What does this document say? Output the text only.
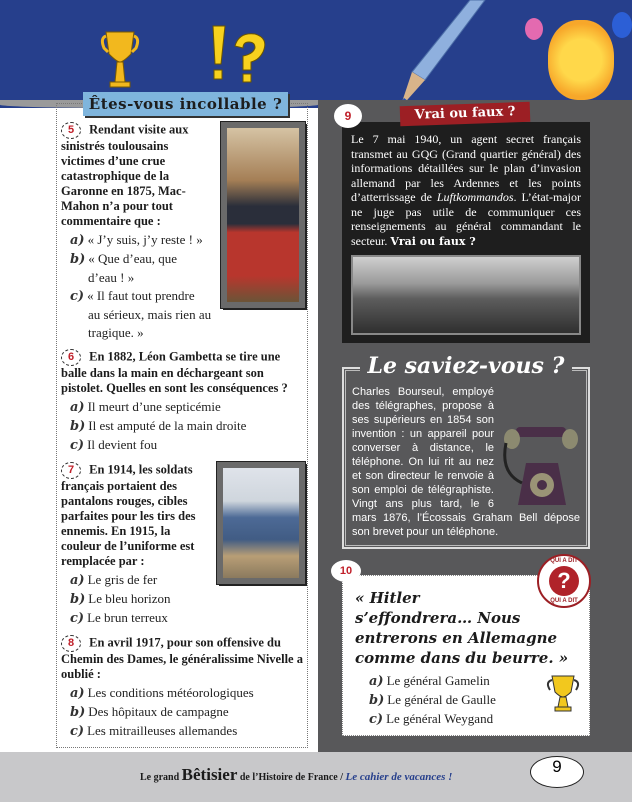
Êtes-vous incollable ?
5 Rendant visite aux sinistrés toulousains victimes d’une crue catastrophique de la Garonne en 1875, Mac-Mahon n’a pour tout commentaire que :
a) « J’y suis, j’y reste ! »
b) « Que d’eau, que
d’eau ! »
c) « Il faut tout prendre
au sérieux, mais rien au tragique. »
6 En 1882, Léon Gambetta se tire une balle dans la main en déchargeant son pistolet. Quelles en sont les conséquences ?
a) Il meurt d’une septicémie
b) Il est amputé de la main droite
c) Il devient fou
7 En 1914, les soldats français portaient des pantalons rouges, cibles parfaites pour les tirs des ennemis. En 1915, la couleur de l’uniforme est remplacée par :
a) Le gris de fer
b) Le bleu horizon
c) Le brun terreux
8 En avril 1917, pour son offensive du Chemin des Dames, le généralissime Nivelle a oublié :
a) Les conditions météorologiques
b) Des hôpitaux de campagne
c) Les mitrailleuses allemandes
Vrai ou faux ?
9
Le 7 mai 1940, un agent secret français transmet au GQG (Grand quartier général) des informations détaillées sur le plan d’invasion allemand par les Ardennes et les points d’atterrissage de Luftkommandos. L’état-major ne juge pas utile de communiquer ces renseignements au général commandant le secteur. Vrai ou faux ?
Le saviez-vous ?
Charles Bourseul, employé des télégraphes, propose à ses supérieurs en 1854 son invention : un appareil pour converser à distance, le téléphone. On lui rit au nez et son directeur le renvoie à son emploi de télégraphiste. Vingt ans plus tard, le 6 mars 1876, l’Écossais Graham Bell dépose son brevet pour un téléphone.
10
QUI A DIT
?
QUI A DIT
« Hitler s’effondrera… Nous entrerons en Allemagne comme dans du beurre. »
a) Le général Gamelin
b) Le général de Gaulle
c) Le général Weygand
Le grand Bêtisier de l’Histoire de France / Le cahier de vacances !
9
